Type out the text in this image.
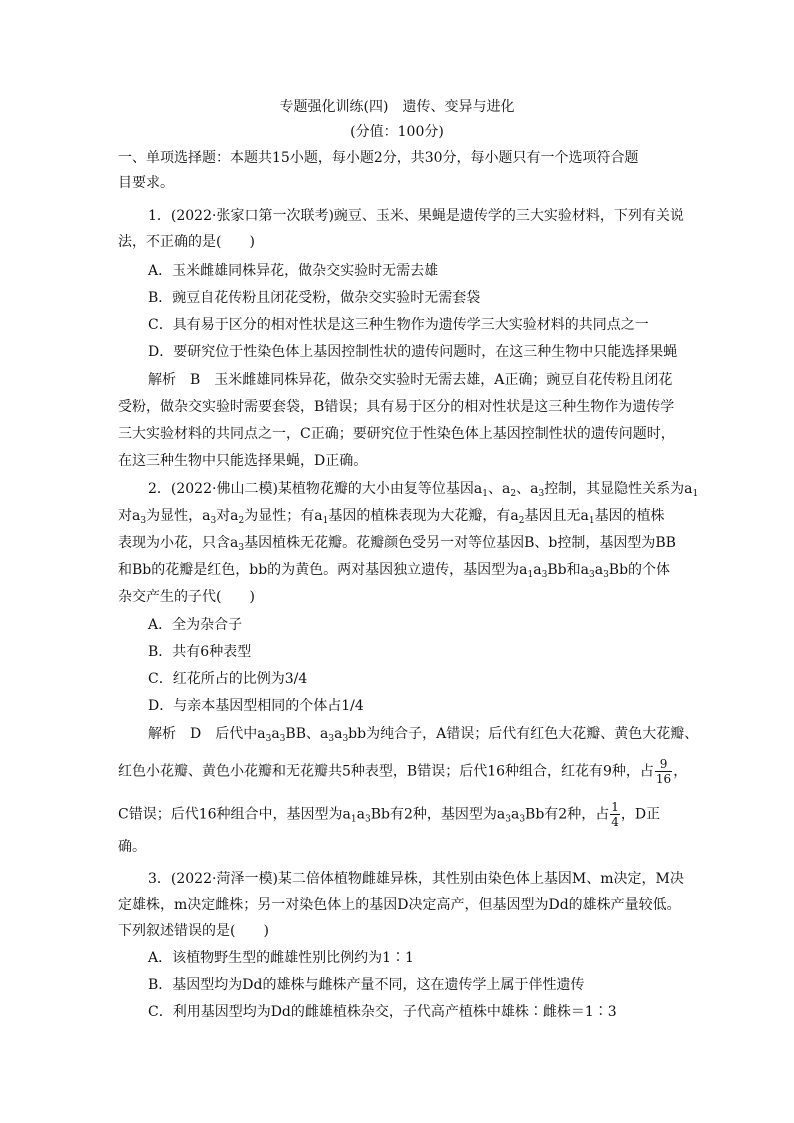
专题强化训练(四)　遗传、变异与进化
(分值：100分)
一、单项选择题：本题共15小题，每小题2分，共30分，每小题只有一个选项符合题
目要求。
1．(2022·张家口第一次联考)豌豆、玉米、果蝇是遗传学的三大实验材料，下列有关说
法，不正确的是(　　)
A．玉米雌雄同株异花，做杂交实验时无需去雄
B．豌豆自花传粉且闭花受粉，做杂交实验时无需套袋
C．具有易于区分的相对性状是这三种生物作为遗传学三大实验材料的共同点之一
D．要研究位于性染色体上基因控制性状的遗传问题时，在这三种生物中只能选择果蝇
解析　B　玉米雌雄同株异花，做杂交实验时无需去雄，A正确；豌豆自花传粉且闭花
受粉，做杂交实验时需要套袋，B错误；具有易于区分的相对性状是这三种生物作为遗传学
三大实验材料的共同点之一，C正确；要研究位于性染色体上基因控制性状的遗传问题时，
在这三种生物中只能选择果蝇，D正确。
2．(2022·佛山二模)某植物花瓣的大小由复等位基因$a_1$、$a_2$、$a_3$控制，其显隐性关系为$a_1$
对$a_3$为显性，$a_3$对$a_2$为显性；有$a_1$基因的植株表现为大花瓣，有$a_2$基因且无$a_1$基因的植株
表现为小花，只含$a_3$基因植株无花瓣。花瓣颜色受另一对等位基因B、b控制，基因型为BB
和Bb的花瓣是红色，bb的为黄色。两对基因独立遗传，基因型为$a_1a_3Bb$和$a_3a_3Bb$的个体
杂交产生的子代(　　)
A．全为杂合子
B．共有6种表型
C．红花所占的比例为3/4
D．与亲本基因型相同的个体占1/4
解析　D　后代中$a_3a_3BB$、$a_3a_3bb$为纯合子，A错误；后代有红色大花瓣、黄色大花瓣、
红色小花瓣、黄色小花瓣和无花瓣共5种表型，B错误；后代16种组合，红花有9种，占 $\frac{9}{16}$ ，
C错误；后代16种组合中，基因型为$a_1a_3Bb$有2种，基因型为$a_3a_3Bb$有2种，占 $\frac{1}{4}$ ，D正
确。
3．(2022·菏泽一模)某二倍体植物雌雄异株，其性别由染色体上基因M、m决定，M决
定雄株，m决定雌株；另一对染色体上的基因D决定高产，但基因型为Dd的雄株产量较低。
下列叙述错误的是(　　)
A．该植物野生型的雌雄性别比例约为1∶1
B．基因型均为Dd的雄株与雌株产量不同，这在遗传学上属于伴性遗传
C．利用基因型均为Dd的雌雄植株杂交，子代高产植株中雄株∶雌株＝1∶3
